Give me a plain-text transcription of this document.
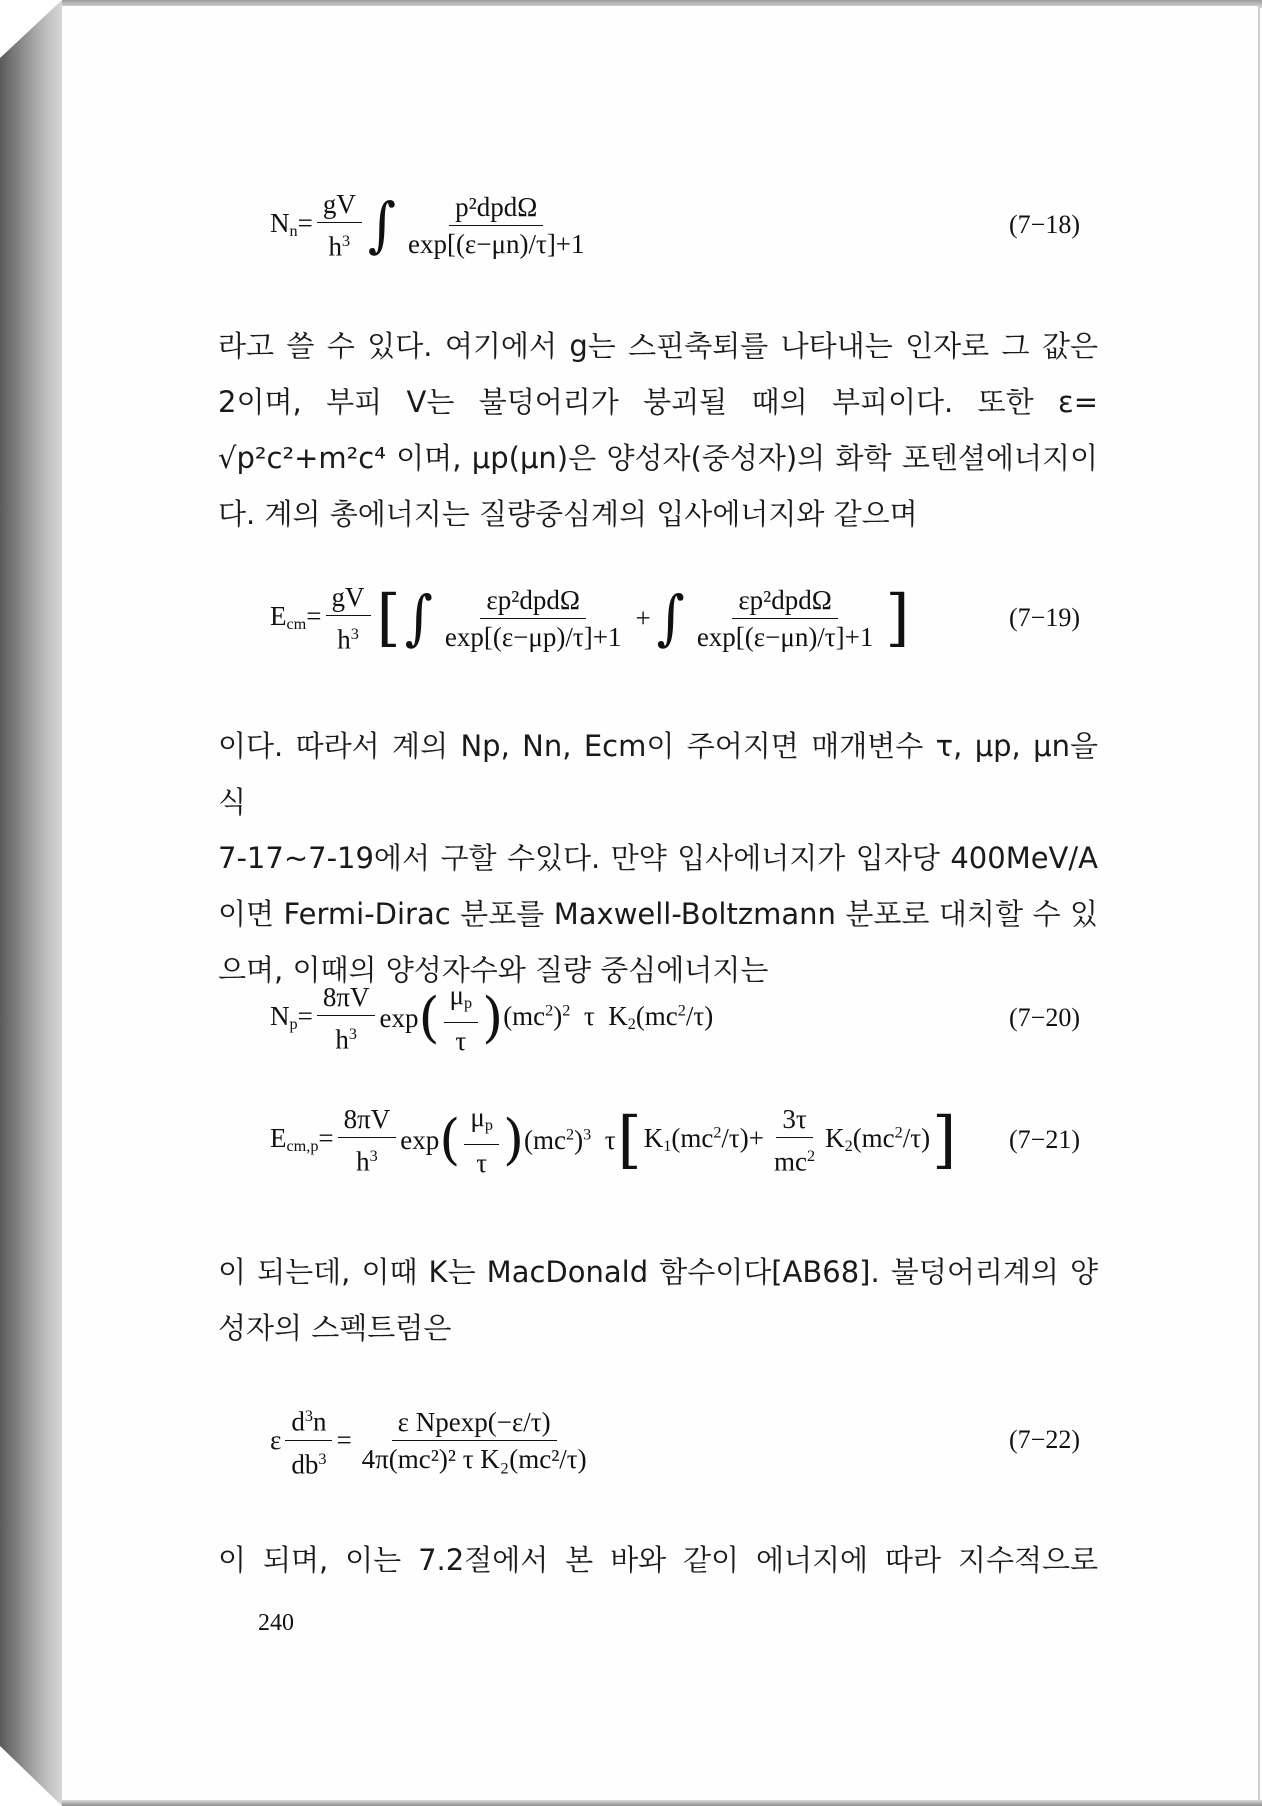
$N_n= \frac{gV}{h^3}$ ∫ $\frac{\text{p²dpdΩ}}{\exp[(\varepsilon-\mu n)/\tau]+1}$	(7−18)
라고 쓸 수 있다. 여기에서 g는 스핀축퇴를 나타내는 인자로 그 값은
2이며, 부피 V는 불덩어리가 붕괴될 때의 부피이다. 또한 ε=
√p²c²+m²c⁴ 이며, μp(μn)은 양성자(중성자)의 화학 포텐셜에너지이
다. 계의 총에너지는 질량중심계의 입사에너지와 같으며
$E_{cm}= \frac{gV}{h^3}$ [ ∫ $\frac{\text{εp²dpdΩ}}{\exp[(\varepsilon-\mu p)/\tau]+1}$ + ∫ $\frac{\text{εp²dpdΩ}}{\exp[(\varepsilon-\mu n)/\tau]+1}$ ]	(7−19)
이다. 따라서 계의 Np, Nn, Ecm이 주어지면 매개변수 τ, μp, μn을 식
7-17~7-19에서 구할 수있다. 만약 입사에너지가 입자당 400MeV/A
이면 Fermi-Dirac 분포를 Maxwell-Boltzmann 분포로 대치할 수 있
으며, 이때의 양성자수와 질량 중심에너지는
$N_p= \frac{8\pi V}{h^3}$ exp ( $\frac{\mu_p}{\tau}$ ) $(mc^2)^2$  τ  $K_2(mc^2/\tau)$	(7−20)
$E_{cm,p}= \frac{8\pi V}{h^3}$ exp ( $\frac{\mu_p}{\tau}$ ) $(mc^2)^3$  τ [ $K_1(mc^2/\tau)+ \frac{3\tau}{mc^2} K_2(mc^2/\tau)$ ] (7−21)
이 되는데, 이때 K는 MacDonald 함수이다[AB68]. 불덩어리계의 양
성자의 스펙트럼은
ε $\frac{d^3n}{db^3} = \frac{\text{ε Npexp(−ε/τ)}}{\text{4π(mc²)² τ K₂(mc²/τ)}}$	(7−22)
이 되며, 이는 7.2절에서 본 바와 같이 에너지에 따라 지수적으로
240
